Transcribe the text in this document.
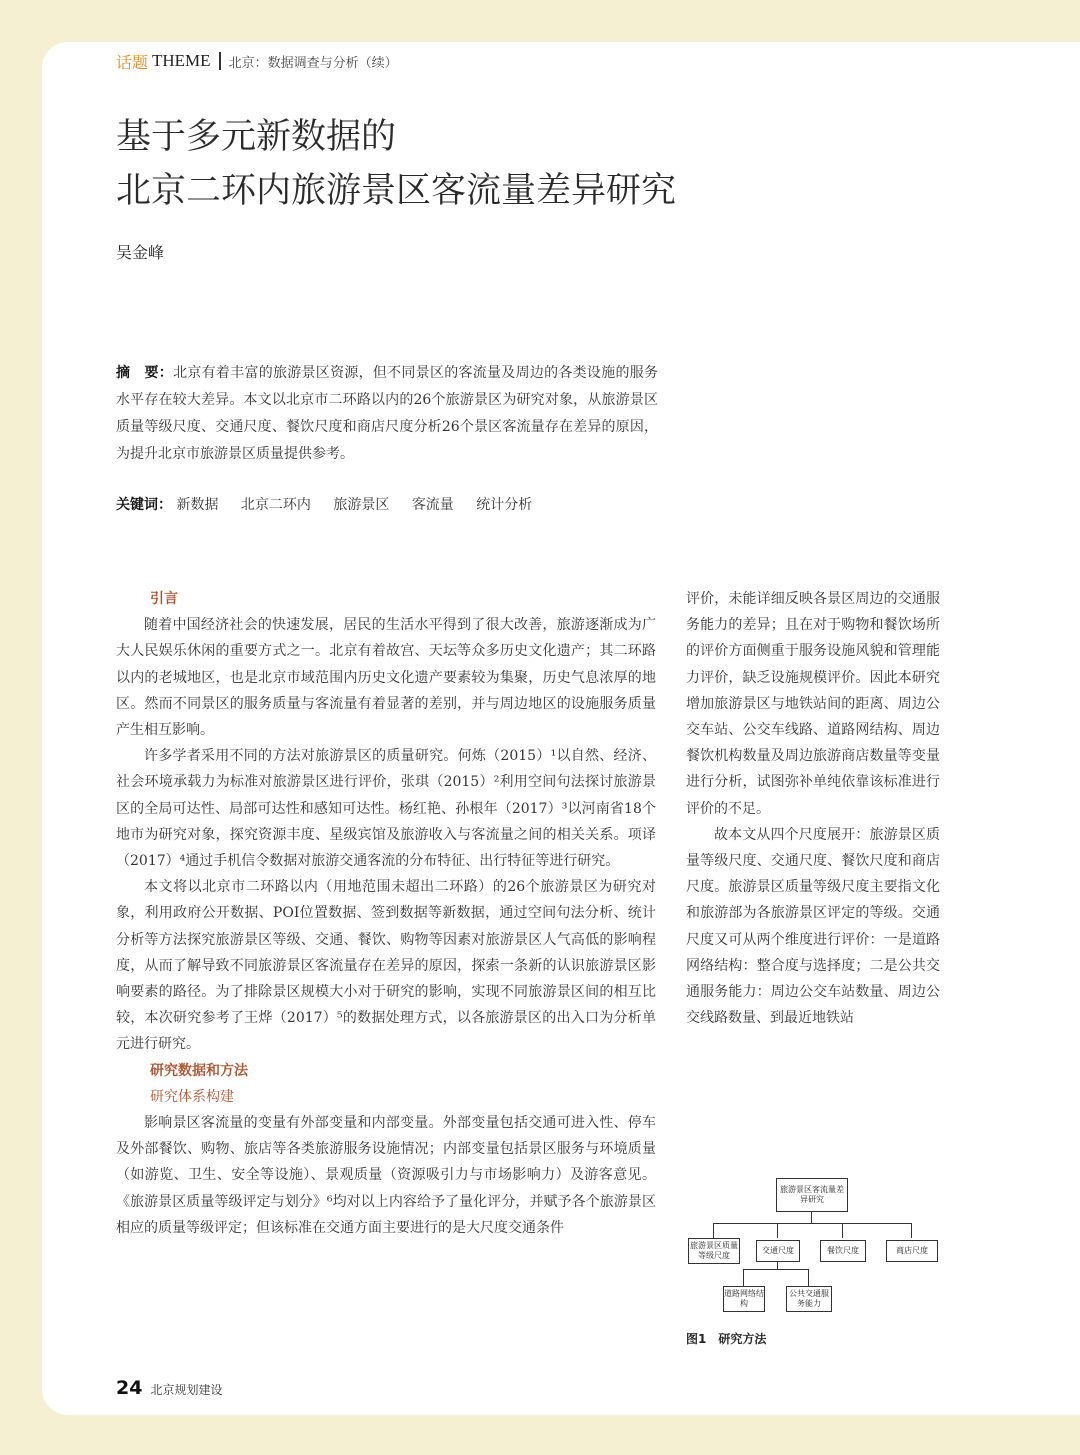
话题 THEME 北京：数据调查与分析（续）
基于多元新数据的
北京二环内旅游景区客流量差异研究
吴金峰
摘　要：北京有着丰富的旅游景区资源，但不同景区的客流量及周边的各类设施的服务水平存在较大差异。本文以北京市二环路以内的26个旅游景区为研究对象，从旅游景区质量等级尺度、交通尺度、餐饮尺度和商店尺度分析26个景区客流量存在差异的原因，为提升北京市旅游景区质量提供参考。
关键词： 新数据 北京二环内 旅游景区 客流量 统计分析
引言

随着中国经济社会的快速发展，居民的生活水平得到了很大改善，旅游逐渐成为广大人民娱乐休闲的重要方式之一。北京有着故宫、天坛等众多历史文化遗产；其二环路以内的老城地区，也是北京市域范围内历史文化遗产要素较为集聚，历史气息浓厚的地区。然而不同景区的服务质量与客流量有着显著的差别，并与周边地区的设施服务质量产生相互影响。

许多学者采用不同的方法对旅游景区的质量研究。何炼（2015）¹以自然、经济、社会环境承载力为标准对旅游景区进行评价，张琪（2015）²利用空间句法探讨旅游景区的全局可达性、局部可达性和感知可达性。杨红艳、孙根年（2017）³以河南省18个地市为研究对象，探究资源丰度、星级宾馆及旅游收入与客流量之间的相关关系。项译（2017）⁴通过手机信令数据对旅游交通客流的分布特征、出行特征等进行研究。

本文将以北京市二环路以内（用地范围未超出二环路）的26个旅游景区为研究对象，利用政府公开数据、POI位置数据、签到数据等新数据，通过空间句法分析、统计分析等方法探究旅游景区等级、交通、餐饮、购物等因素对旅游景区人气高低的影响程度，从而了解导致不同旅游景区客流量存在差异的原因，探索一条新的认识旅游景区影响要素的路径。为了排除景区规模大小对于研究的影响，实现不同旅游景区间的相互比较，本次研究参考了王烨（2017）⁵的数据处理方式，以各旅游景区的出入口为分析单元进行研究。

研究数据和方法
研究体系构建

影响景区客流量的变量有外部变量和内部变量。外部变量包括交通可进入性、停车及外部餐饮、购物、旅店等各类旅游服务设施情况；内部变量包括景区服务与环境质量（如游览、卫生、安全等设施）、景观质量（资源吸引力与市场影响力）及游客意见。《旅游景区质量等级评定与划分》⁶均对以上内容给予了量化评分，并赋予各个旅游景区相应的质量等级评定；但该标准在交通方面主要进行的是大尺度交通条件

评价，未能详细反映各景区周边的交通服务能力的差异；且在对于购物和餐饮场所的评价方面侧重于服务设施风貌和管理能力评价，缺乏设施规模评价。因此本研究增加旅游景区与地铁站间的距离、周边公交车站、公交车线路、道路网结构、周边餐饮机构数量及周边旅游商店数量等变量进行分析，试图弥补单纯依靠该标准进行评价的不足。

故本文从四个尺度展开：旅游景区质量等级尺度、交通尺度、餐饮尺度和商店尺度。旅游景区质量等级尺度主要指文化和旅游部为各旅游景区评定的等级。交通尺度又可从两个维度进行评价：一是道路网络结构：整合度与选择度；二是公共交通服务能力：周边公交车站数量、周边公交线路数量、到最近地铁站

旅游景区客流量差异研究
旅游景区质量等级尺度
交通尺度	餐饮尺度	商店尺度
道路网络结构
公共交通服务能力
图1　研究方法
24 北京规划建设
